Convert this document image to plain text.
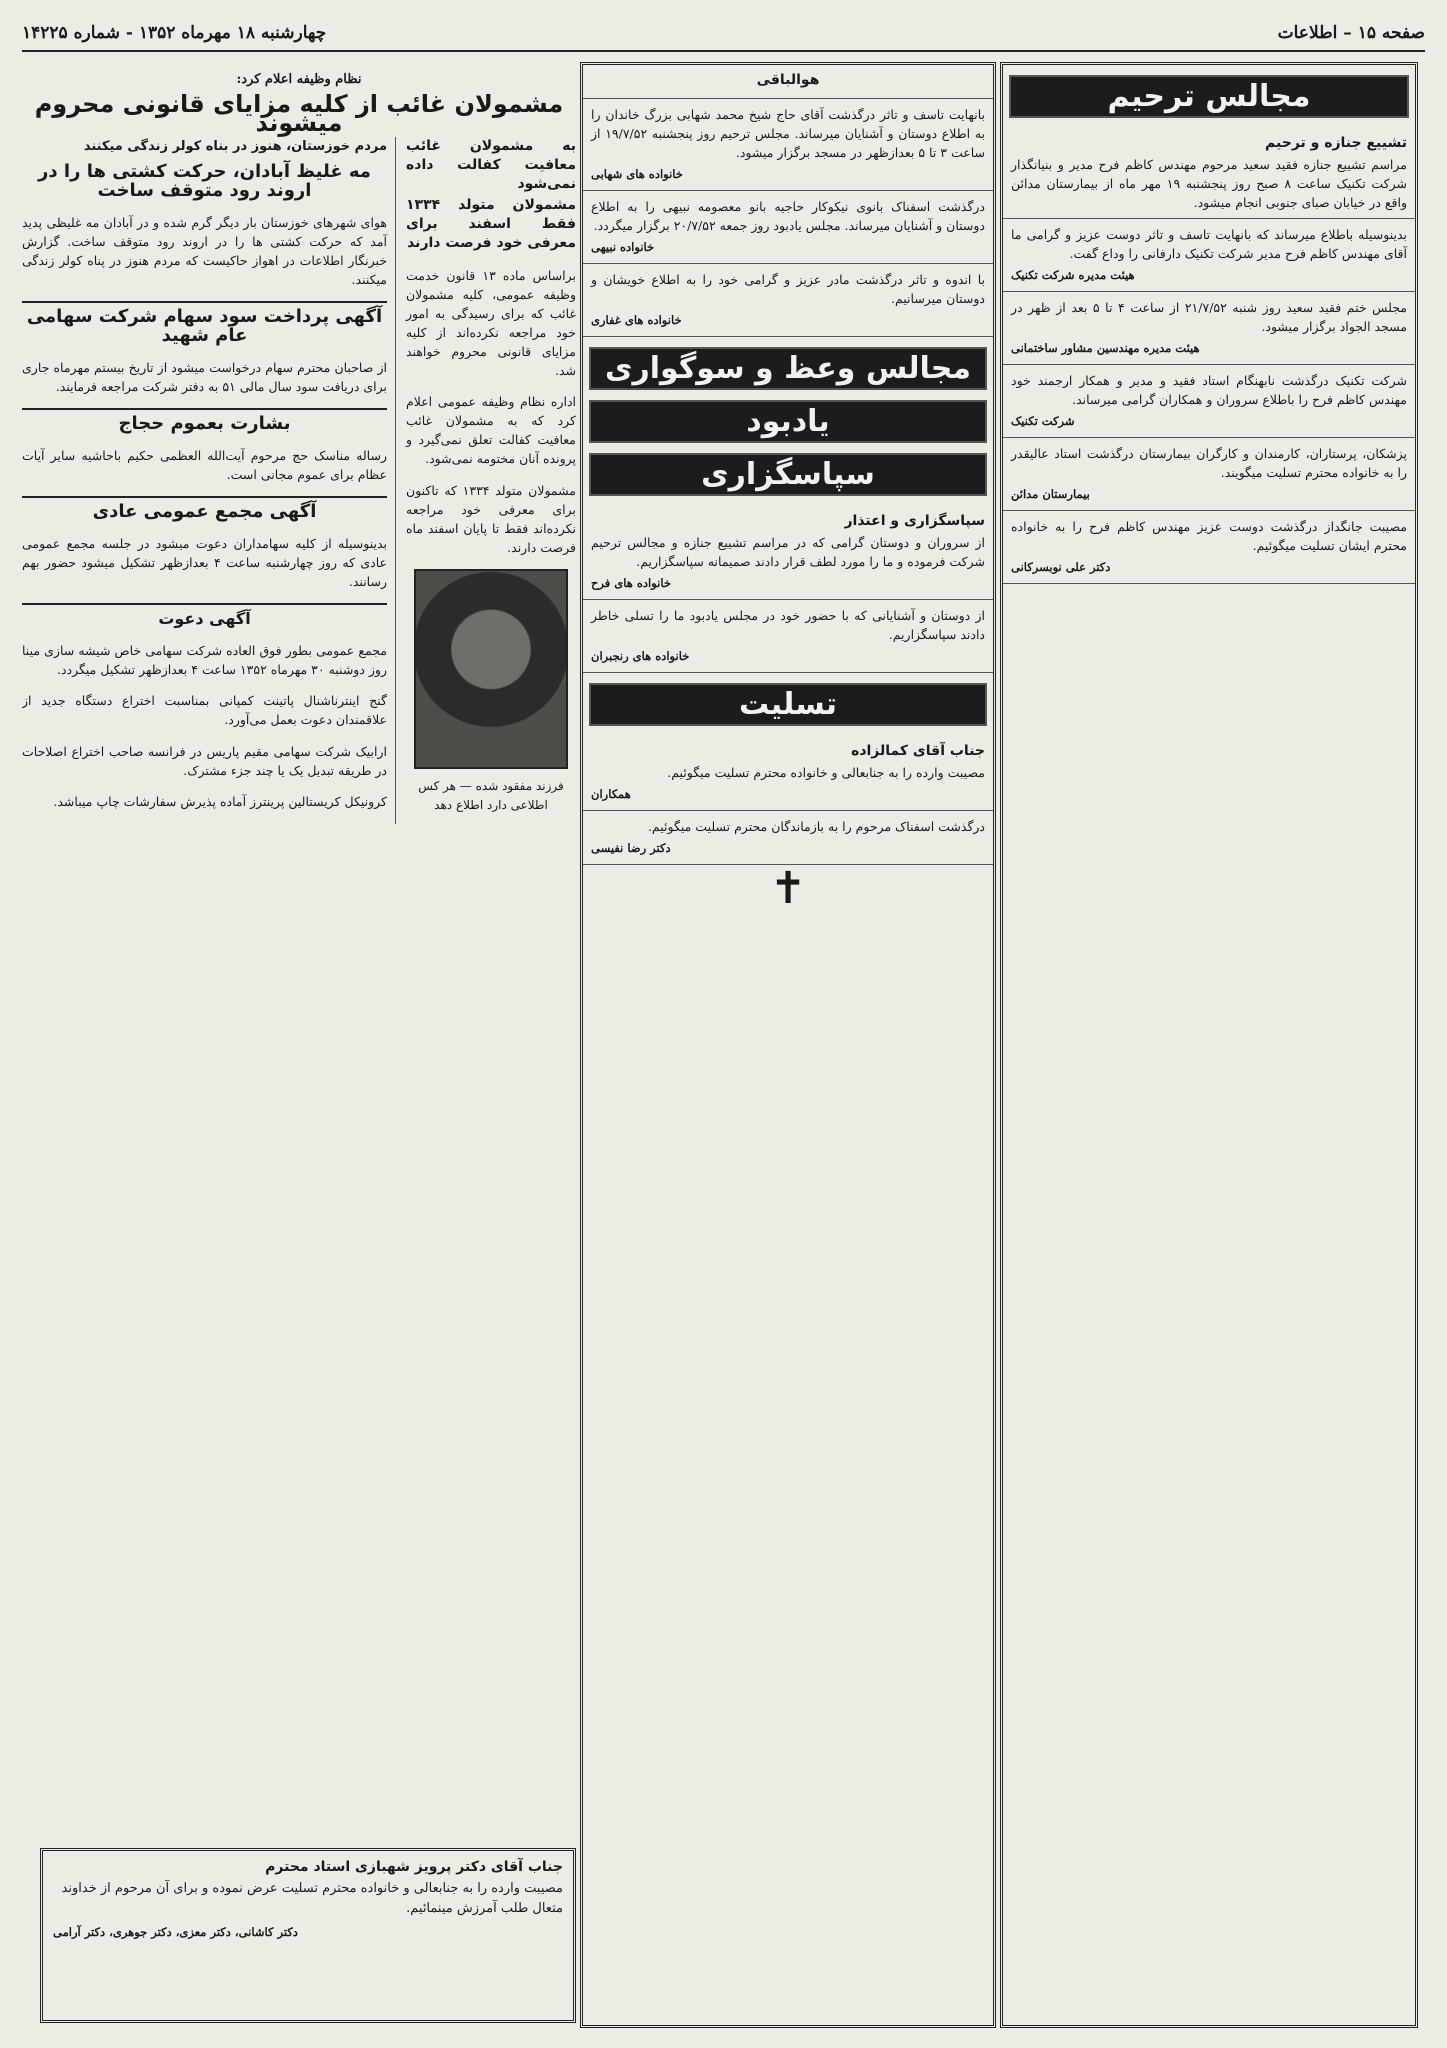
صفحه ۱۵ – اطلاعات
چهارشنبه ۱۸ مهرماه ۱۳۵۲ - شماره ۱۴۲۲۵
مجالس ترحیم
تشییع جنازه و ترحیم
مراسم تشییع جنازه فقید سعید مرحوم مهندس کاظم فرح مدیر و بنیانگذار شرکت تکنیک ساعت ۸ صبح روز پنجشنبه ۱۹ مهر ماه از بیمارستان مدائن واقع در خیابان صبای جنوبی انجام میشود.
بدینوسیله باطلاع میرساند که بانهایت تاسف و تاثر دوست عزیز و گرامی ما آقای مهندس کاظم فرح مدیر شرکت تکنیک دارفانی را وداع گفت.
هیئت مدیره شرکت تکنیک
مجلس ختم فقید سعید روز شنبه ۲۱/۷/۵۲ از ساعت ۴ تا ۵ بعد از ظهر در مسجد الجواد برگزار میشود.
هیئت مدیره مهندسین مشاور ساختمانی
شرکت تکنیک درگذشت نابهنگام استاد فقید و مدیر و همکار ارجمند خود مهندس کاظم فرح را باطلاع سروران و همکاران گرامی میرساند.
شرکت تکنیک
پزشکان، پرستاران، کارمندان و کارگران بیمارستان درگذشت استاد عالیقدر را به خانواده محترم تسلیت میگویند.
بیمارستان مدائن
مصیبت جانگداز درگذشت دوست عزیز مهندس کاظم فرح را به خانواده محترم ایشان تسلیت میگوئیم.
دکتر علی نوبسرکانی
هوالباقی
بانهایت تاسف و تاثر درگذشت آقای حاج شیخ محمد شهابی بزرگ خاندان را به اطلاع دوستان و آشنایان میرساند. مجلس ترحیم روز پنجشنبه ۱۹/۷/۵۲ از ساعت ۳ تا ۵ بعدازظهر در مسجد برگزار میشود.
خانواده های شهابی
درگذشت اسفناک بانوی نیکوکار حاجیه بانو معصومه نبیهی را به اطلاع دوستان و آشنایان میرساند. مجلس یادبود روز جمعه ۲۰/۷/۵۲ برگزار میگردد.
خانواده نبیهی
با اندوه و تاثر درگذشت مادر عزیز و گرامی خود را به اطلاع خویشان و دوستان میرسانیم.
خانواده های غفاری
مجالس وعظ و سوگواری
یادبود
سپاسگزاری
سپاسگزاری و اعتذار
از سروران و دوستان گرامی که در مراسم تشییع جنازه و مجالس ترحیم شرکت فرموده و ما را مورد لطف قرار دادند صمیمانه سپاسگزاریم.
خانواده های فرح
از دوستان و آشنایانی که با حضور خود در مجلس یادبود ما را تسلی خاطر دادند سپاسگزاریم.
خانواده های رنجبران
تسلیت
جناب آقای کمالزاده
مصیبت وارده را به جنابعالی و خانواده محترم تسلیت میگوئیم.
همکاران
درگذشت اسفناک مرحوم را به بازماندگان محترم تسلیت میگوئیم.
دکتر رضا نفیسی
✝
نظام وظیفه اعلام کرد:
مشمولان غائب از کلیه مزایای قانونی محروم میشوند
به مشمولان غائب معافیت کفالت داده نمی‌شود
مشمولان متولد ۱۳۳۴ فقط اسفند برای معرفی خود فرصت دارند

براساس ماده ۱۳ قانون خدمت وظیفه عمومی، کلیه مشمولان غائب که برای رسیدگی به امور خود مراجعه نکرده‌اند از کلیه مزایای قانونی محروم خواهند شد.

اداره نظام وظیفه عمومی اعلام کرد که به مشمولان غائب معافیت کفالت تعلق نمی‌گیرد و پرونده آنان مختومه نمی‌شود.

مشمولان متولد ۱۳۳۴ که تاکنون برای معرفی خود مراجعه نکرده‌اند فقط تا پایان اسفند ماه فرصت دارند.

فرزند مفقود شده — هر کس اطلاعی دارد اطلاع دهد
مردم خوزستان، هنوز در بناه کولر زندگی میکنند
مه غلیظ آبادان، حرکت کشتی ها را در اروند رود متوقف ساخت

هوای شهرهای خوزستان بار دیگر گرم شده و در آبادان مه غلیظی پدید آمد که حرکت کشتی ها را در اروند رود متوقف ساخت. گزارش خبرنگار اطلاعات در اهواز حاکیست که مردم هنوز در پناه کولر زندگی میکنند.

آگهی پرداخت سود سهام شرکت سهامی عام شهید

از صاحبان محترم سهام درخواست میشود از تاریخ بیستم مهرماه جاری برای دریافت سود سال مالی ۵۱ به دفتر شرکت مراجعه فرمایند.

بشارت بعموم حجاج

رساله مناسک حج مرحوم آیت‌الله العظمی حکیم باحاشیه سایر آیات عظام برای عموم مجانی است.

آگهی مجمع عمومی عادی

بدینوسیله از کلیه سهامداران دعوت میشود در جلسه مجمع عمومی عادی که روز چهارشنبه ساعت ۴ بعدازظهر تشکیل میشود حضور بهم رسانند.

آگهی دعوت

مجمع عمومی بطور فوق العاده شرکت سهامی خاص شیشه سازی مینا روز دوشنبه ۳۰ مهرماه ۱۳۵۲ ساعت ۴ بعدازظهر تشکیل میگردد.

گنج اینترناشنال پاتینت کمپانی بمناسبت اختراع دستگاه جدید از علاقمندان دعوت بعمل می‌آورد.

ارابیک شرکت سهامی مقیم پاریس در فرانسه صاحب اختراع اصلاحات در طریقه تبدیل یک یا چند جزء مشترک.

کرونیکل کریستالین پرینترز آماده پذیرش سفارشات چاپ میباشد.

جناب آقای دکتر پرویز شهبازی استاد محترم
مصیبت وارده را به جنابعالی و خانواده محترم تسلیت عرض نموده و برای آن مرحوم از خداوند متعال طلب آمرزش مینمائیم.
دکتر کاشانی، دکتر معزی، دکتر جوهری، دکتر آرامی
